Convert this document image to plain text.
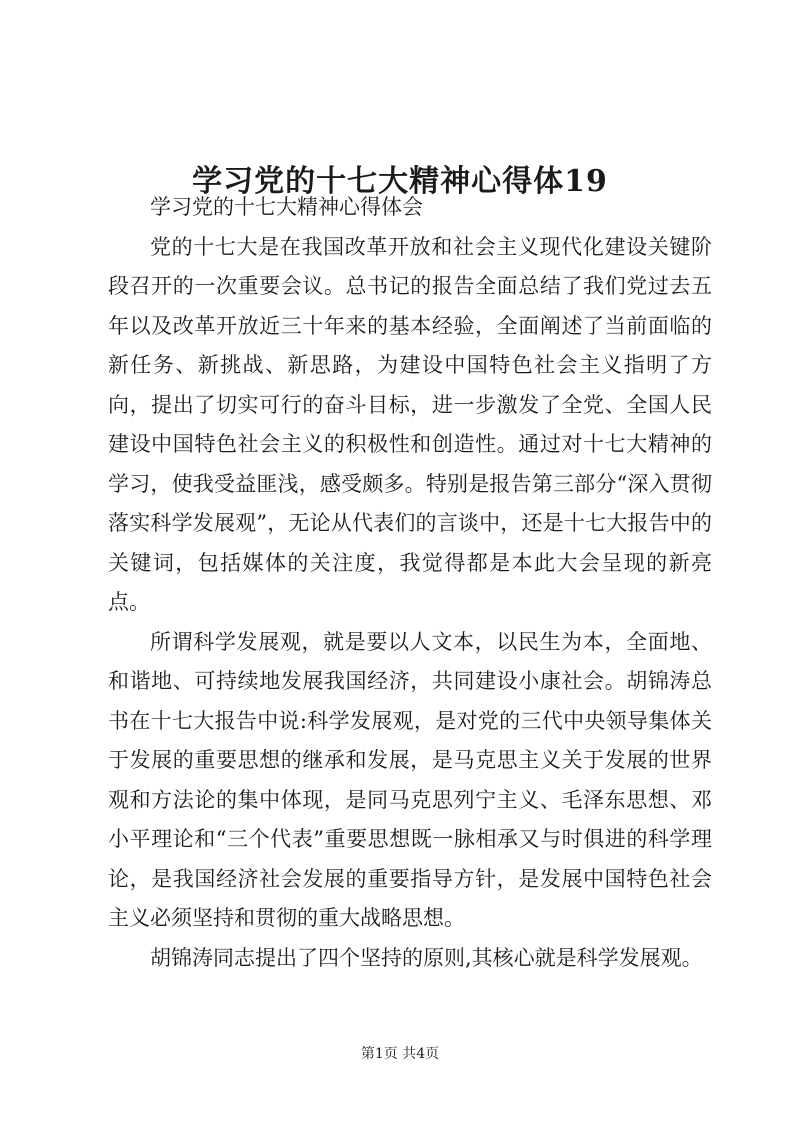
学习党的十七大精神心得体19

学习党的十七大精神心得体会

党的十七大是在我国改革开放和社会主义现代化建设关键阶段召开的一次重要会议。总书记的报告全面总结了我们党过去五年以及改革开放近三十年来的基本经验，全面阐述了当前面临的新任务、新挑战、新思路，为建设中国特色社会主义指明了方向，提出了切实可行的奋斗目标，进一步激发了全党、全国人民建设中国特色社会主义的积极性和创造性。通过对十七大精神的学习，使我受益匪浅，感受颇多。特别是报告第三部分“深入贯彻落实科学发展观”，无论从代表们的言谈中，还是十七大报告中的关键词，包括媒体的关注度，我觉得都是本此大会呈现的新亮点。

所谓科学发展观，就是要以人文本，以民生为本，全面地、和谐地、可持续地发展我国经济，共同建设小康社会。胡锦涛总书在十七大报告中说:科学发展观，是对党的三代中央领导集体关于发展的重要思想的继承和发展，是马克思主义关于发展的世界观和方法论的集中体现，是同马克思列宁主义、毛泽东思想、邓小平理论和“三个代表”重要思想既一脉相承又与时俱进的科学理论，是我国经济社会发展的重要指导方针，是发展中国特色社会主义必须坚持和贯彻的重大战略思想。

胡锦涛同志提出了四个坚持的原则,其核心就是科学发展观。

第1页 共4页
